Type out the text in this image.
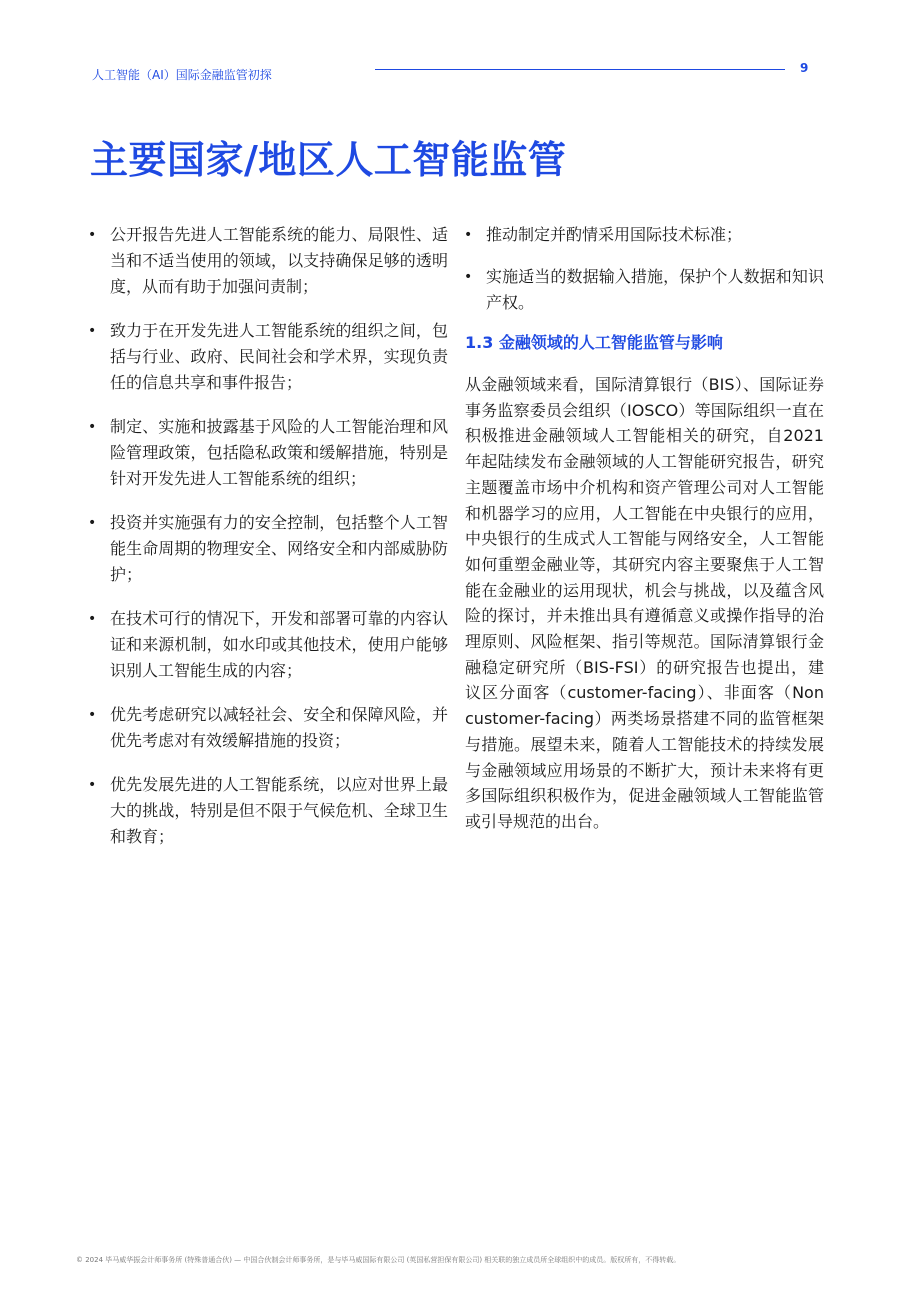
人工智能（AI）国际金融监管初探	9
主要国家/地区人工智能监管
• 公开报告先进人工智能系统的能力、局限性、适当和不适当使用的领域，以支持确保足够的透明度，从而有助于加强问责制；
• 致力于在开发先进人工智能系统的组织之间，包括与行业、政府、民间社会和学术界，实现负责任的信息共享和事件报告；
• 制定、实施和披露基于风险的人工智能治理和风险管理政策，包括隐私政策和缓解措施，特别是针对开发先进人工智能系统的组织；
• 投资并实施强有力的安全控制，包括整个人工智能生命周期的物理安全、网络安全和内部威胁防护；
• 在技术可行的情况下，开发和部署可靠的内容认证和来源机制，如水印或其他技术，使用户能够识别人工智能生成的内容；
• 优先考虑研究以减轻社会、安全和保障风险，并优先考虑对有效缓解措施的投资；
• 优先发展先进的人工智能系统，以应对世界上最大的挑战，特别是但不限于气候危机、全球卫生和教育；
• 推动制定并酌情采用国际技术标准；
• 实施适当的数据输入措施，保护个人数据和知识产权。
1.3 金融领域的人工智能监管与影响

从金融领域来看，国际清算银行（BIS）、国际证券事务监察委员会组织（IOSCO）等国际组织一直在积极推进金融领域人工智能相关的研究，自2021年起陆续发布金融领域的人工智能研究报告，研究主题覆盖市场中介机构和资产管理公司对人工智能和机器学习的应用，人工智能在中央银行的应用，中央银行的生成式人工智能与网络安全，人工智能如何重塑金融业等，其研究内容主要聚焦于人工智能在金融业的运用现状，机会与挑战，以及蕴含风险的探讨，并未推出具有遵循意义或操作指导的治理原则、风险框架、指引等规范。国际清算银行金融稳定研究所（BIS-FSI）的研究报告也提出，建议区分面客（customer-facing）、非面客（Non customer-facing）两类场景搭建不同的监管框架与措施。展望未来，随着人工智能技术的持续发展与金融领域应用场景的不断扩大，预计未来将有更多国际组织积极作为，促进金融领域人工智能监管或引导规范的出台。

© 2024 毕马威华振会计师事务所 (特殊普通合伙) — 中国合伙制会计师事务所，是与毕马威国际有限公司 (英国私营担保有限公司) 相关联的独立成员所全球组织中的成员。版权所有，不得转载。
